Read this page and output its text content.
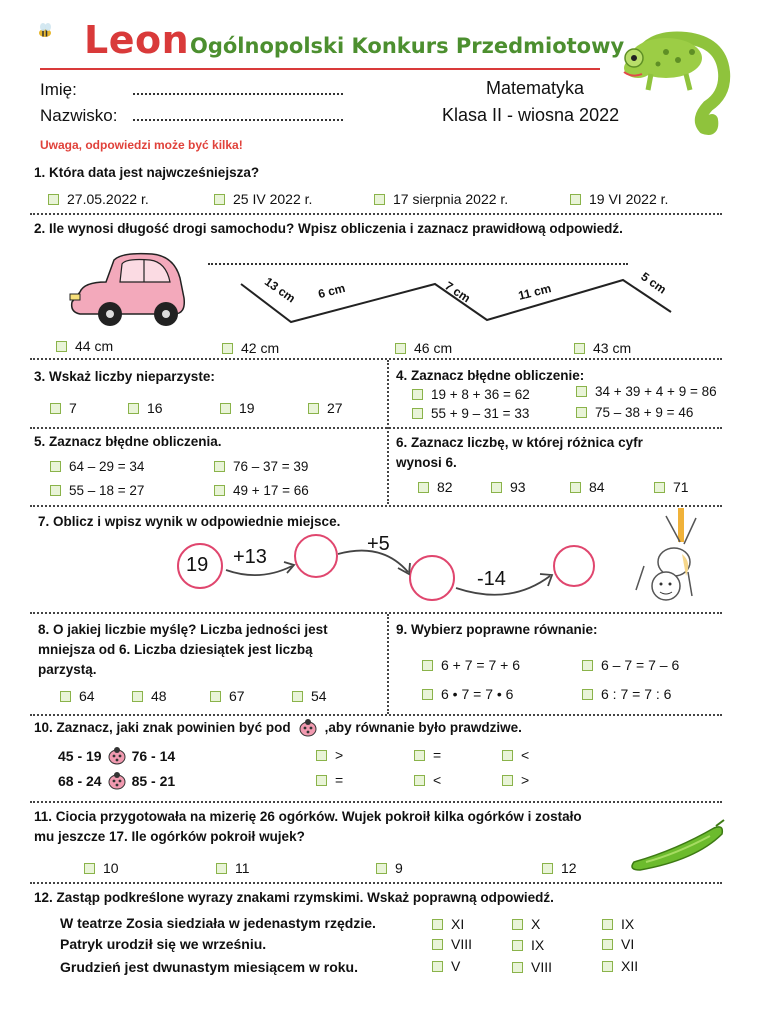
Leon Ogólnopolski Konkurs Przedmiotowy
Imię:
Nazwisko:
Matematyka
Klasa II - wiosna 2022
Uwaga, odpowiedzi może być kilka!
1. Która data jest najwcześniejsza?
27.05.2022 r.	25 IV 2022 r.	17 sierpnia 2022 r.	19 VI 2022 r.
2. Ile wynosi długość drogi samochodu? Wpisz obliczenia i zaznacz prawidłową odpowiedź.
13 cm 6 cm	7 cm	11 cm	5 cm
44 cm	42 cm	46 cm	43 cm
3. Wskaż liczby nieparzyste:
7	16	19	27
4. Zaznacz błędne obliczenie:
19 + 8 + 36 = 62	34 + 39 + 4 + 9 = 86
55 + 9 – 31 = 33	75 – 38 + 9 = 46
5. Zaznacz błędne obliczenia.
64 – 29 = 34	76 – 37 = 39
55 – 18 = 27	49 + 17 = 66
6. Zaznacz liczbę, w której różnica cyfr
wynosi 6.
82	93	84	71
7. Oblicz i wpisz wynik w odpowiednie miejsce.
19 +13
+5
-14
8. O jakiej liczbie myślę? Liczba jedności jest
mniejsza od 6. Liczba dziesiątek jest liczbą
parzystą.
64	48	67	54
9. Wybierz poprawne równanie:
6 + 7 = 7 + 6	6 – 7 = 7 – 6
6 • 7 = 7 • 6	6 : 7 = 7 : 6
10. Zaznacz, jaki znak powinien być pod	,aby równanie było prawdziwe.
45 - 19 76 - 14	>	=	<
68 - 24 85 - 21	=	<	>
11. Ciocia przygotowała na mizerię 26 ogórków. Wujek pokroił kilka ogórków i zostało
mu jeszcze 17. Ile ogórków pokroił wujek?
10	11	9	12
12. Zastąp podkreślone wyrazy znakami rzymskimi. Wskaż poprawną odpowiedź.
W teatrze Zosia siedziała w jedenastym rzędzie.	XI	X	IX
Patryk urodził się we wrześniu.	VIII	IX	VI
Grudzień jest dwunastym miesiącem w roku.	V	VIII	XII
